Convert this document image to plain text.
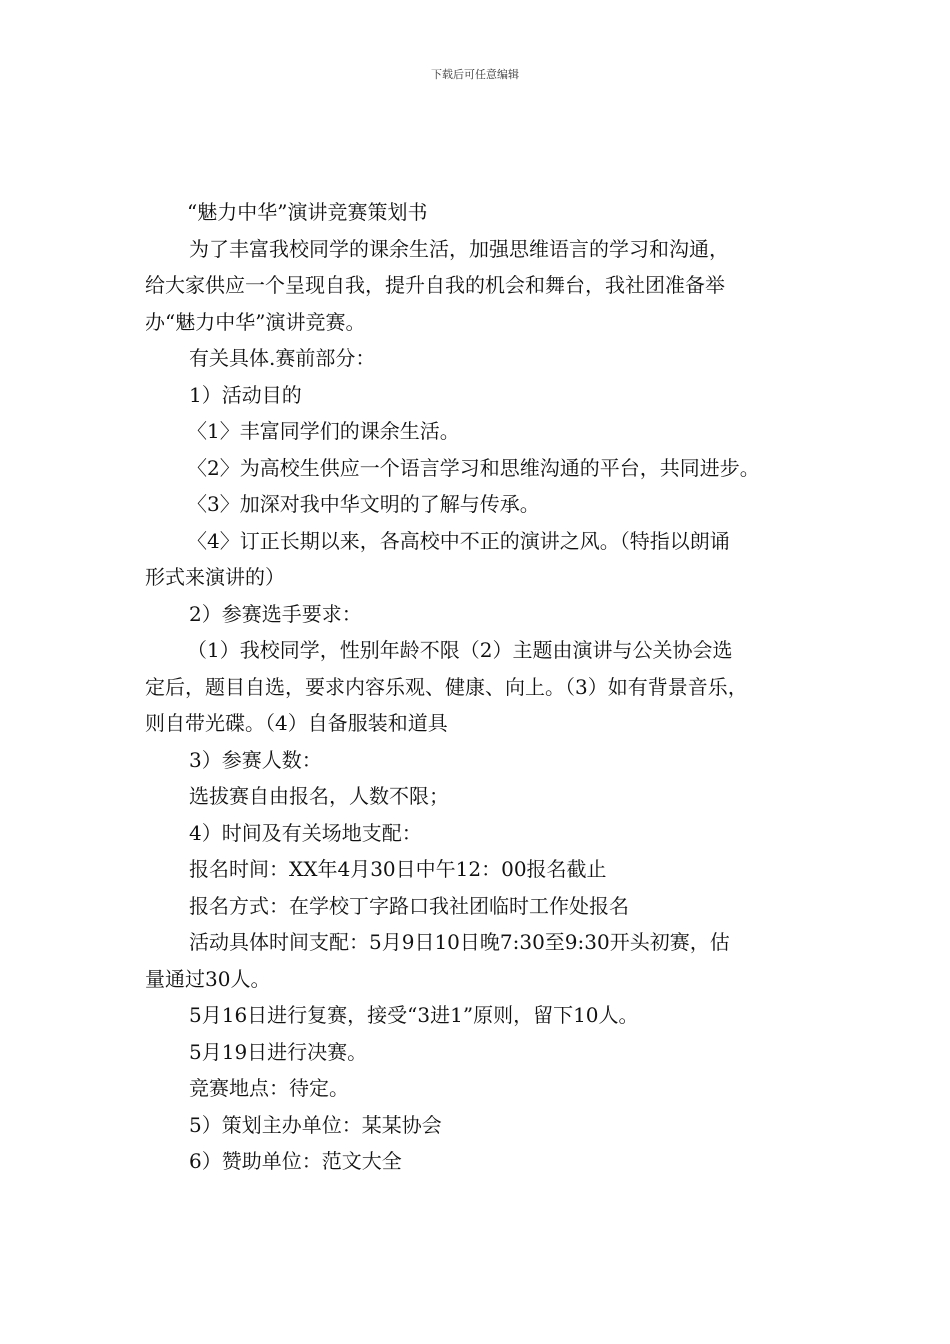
下载后可任意编辑

“魅力中华”演讲竞赛策划书

为了丰富我校同学的课余生活，加强思维语言的学习和沟通，

给大家供应一个呈现自我，提升自我的机会和舞台，我社团准备举

办“魅力中华”演讲竞赛。

有关具体.赛前部分：

1）活动目的

〈1〉丰富同学们的课余生活。

〈2〉为高校生供应一个语言学习和思维沟通的平台，共同进步。

〈3〉加深对我中华文明的了解与传承。

〈4〉订正长期以来，各高校中不正的演讲之风。（特指以朗诵

形式来演讲的）

2）参赛选手要求：

（1）我校同学，性别年龄不限（2）主题由演讲与公关协会选

定后，题目自选，要求内容乐观、健康、向上。（3）如有背景音乐，

则自带光碟。（4）自备服装和道具

3）参赛人数：

选拔赛自由报名，人数不限；

4）时间及有关场地支配：

报名时间：XX年4月30日中午12：00报名截止

报名方式：在学校丁字路口我社团临时工作处报名

活动具体时间支配：5月9日10日晚7:30至9:30开头初赛，估

量通过30人。

5月16日进行复赛，接受“3进1”原则，留下10人。

5月19日进行决赛。

竞赛地点：待定。

5）策划主办单位：某某协会

6）赞助单位：范文大全
